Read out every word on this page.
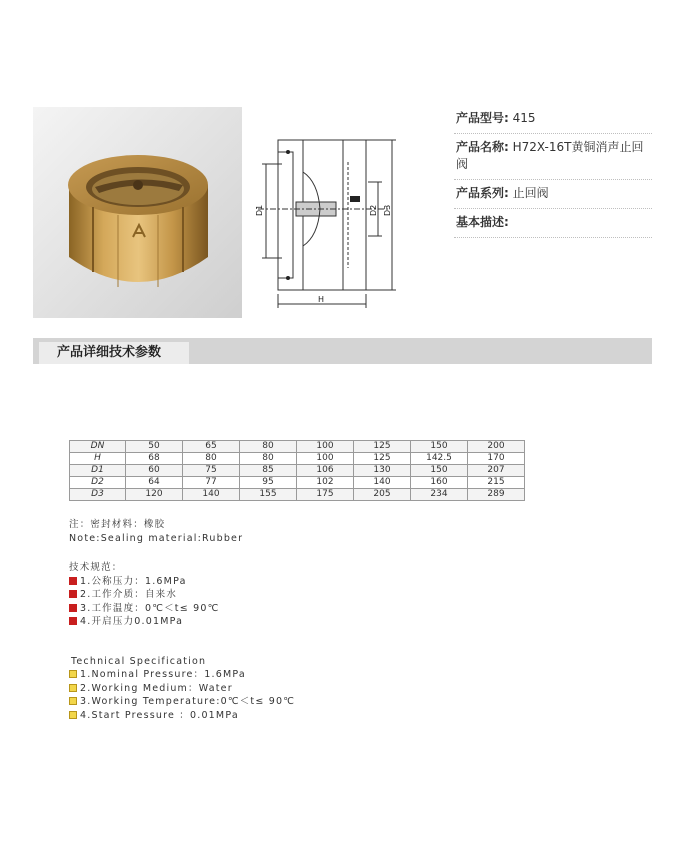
D1	D2 D3
H
产品型号: 415
产品名称: H72X-16T黄铜消声止回阀
产品系列: 止回阀
基本描述:
产品详细技术参数
DN	50	65	80	100	125	150	200
H	68	80	80	100	125	142.5	170
D1	60	75	85	106	130	150	207
D2	64	77	95	102	140	160	215
D3	120	140	155	175	205	234	289
注：密封材料：橡胶
Note:Sealing material:Rubber
技术规范：
1.公称压力：1.6MPa
2.工作介质：自来水
3.工作温度：0℃＜t≤ 90℃
4.开启压力0.01MPa
Technical Specification
1.Nominal Pressure：1.6MPa
2.Working Medium：Water
3.Working Temperature:0℃＜t≤ 90℃
4.Start Pressure ：0.01MPa
